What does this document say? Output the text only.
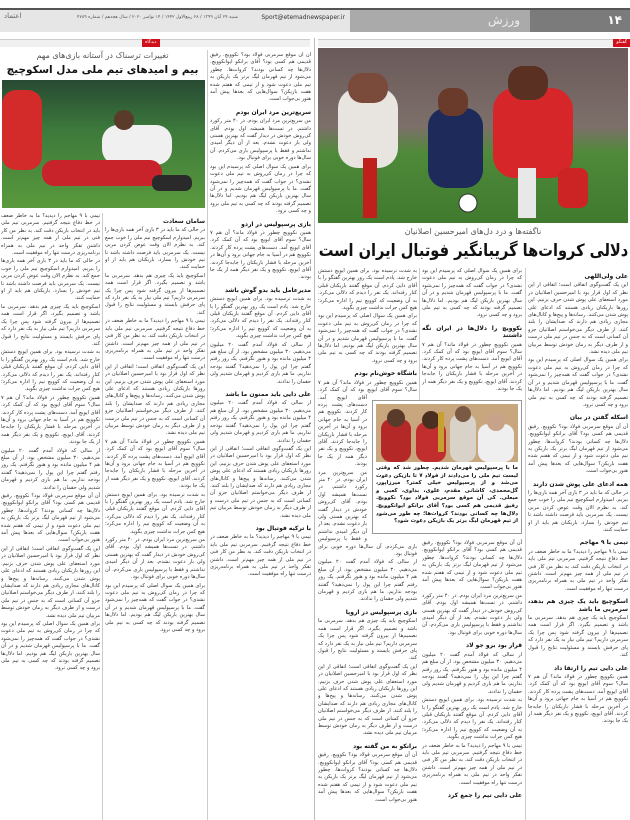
۱۴
ورزش
Sport@etemadnewspaper.ir
شنبه ۲۴ آبان ۱۳۹۹ / ۲۸ ربیع‌الاول ۱۴۴۲ / ۱۴ نوامبر ۲۰۲۰ / سال هجدهم / شماره ۴۷۸۹
اعتماد
گفتگو
دیدگاه
ناگفته‌ها و درد دل‌های امیرحسین اصلانیان
دلالی کروات‌ها گریبانگیر فوتبال ایران است
علی ولی‌اللهی

این یک گفت‌وگوی اتفاقی است؛ اتفاقی از این نظر که اول قرار بود با امیرحسین اصلانیان در مورد استعفای علی پوش شدن حرف بزنیم. این روزها بازیکنان زیادی هستند که ادعای علی پوش شدن می‌کنند. رسانه‌ها و پیج‌ها و کانال‌های مجازی زیادی هم دارند که صدایشان را بلند کنند. از طرف دیگر می‌خواستم اصلانیان جزو آن کسانی است که به جنس در تیم ملی درست و از طرف دیگر به زمان خودش توسط مربیان تیم ملی دیده نشد.

برای همین یک سوال اصلی که پرسیدم این بود که چرا در زمان کی‌روش به تیم ملی دعوت نشدی؟ در جواب گفت که همه‌چیز را نمی‌شود گفت. ما با پرسپولیس قهرمان شدیم و در آن سال بهترین بازیکن لیگ هم بودیم. اما دلال‌ها تصمیم گرفته بودند که چه کسی به تیم ملی برود و چه کسی نرود.

اسکله گفتن در بیان

آن آن موقع سرمربی فولاد بود؟ نکوویچ. رفیق قدیمی هم کسی بود؟ آقای برانکو ایوانکوویچ. دلال‌ها چه کسانی بودند؟ کروات‌ها. چطور می‌شود از تیم قهرمان لیگ برتر یک بازیکن به تیم ملی دعوت شود و از تیمی که هفتم شده هفت بازیکن؟ سوال‌هایی که بعدها پیش آمد هنوز بی‌جواب است.

همه ادعای علی پوش شدن دارند

در حالی که ما باید در ۳ بازی آخر همه بازی‌ها را ببریم. امیدوارم اسکوچیچ تیم ملی را خوب جمع کند. به نظرم الان وقت عوض کردن مربی نیست. یک سرمربی باید فرصت داشته باشد تا تیم خودش را بسازد. بازیکنان هم باید از او حمایت کنند.

تیمی با ۹ مهاجم

تیمی با ۹ مهاجم را دیدید؟ ما به خاطر ضعف در خط دفاع نتیجه گرفتیم. سرمربی تیم ملی باید در انتخاب بازیکن دقت کند. به نظر من کار فنی در تیم ملی از همه چیز مهم‌تر است. داشتن تفکر واحد در تیم ملی به همراه برنامه‌ریزی درست تنها راه موفقیت است.

اسکوچیچ باید یک چیزی هم بدهد، سرمربی ما باشد

اسکوچیچ باید یک چیزی هم بدهد. سرمربی ما باشد و تصمیم بگیرد. اگر قرار است همه تصمیم‌ها از بیرون گرفته شود پس چرا یک سرمربی داریم؟ تیم ملی نیاز به یک نفر دارد که پای حرفش بایستد و مسئولیت نتایج را قبول کند.

علی دایی تیم را ارتقا داد

همین نکوویچ چطور در فولاد ماند؟ آن هم ۷ سال؟ سوم آقای ایویچ بود که آن کمک کرد. آقای ایویچ آمد. دست‌های پشت پرده کار کردند. نکوویچ هم در آسیا به جام جهانی برود و آن‌ها در آخرین مرحله با فشار بازیکنان را جابه‌جا کردند. آقای ایویچ، نکوویچ و یک نفر دیگر همه از یک جا بودند.

برای همین یک سوال اصلی که پرسیدم این بود که چرا در زمان کی‌روش به تیم ملی دعوت نشدی؟ در جواب گفت که همه‌چیز را نمی‌شود گفت. ما با پرسپولیس قهرمان شدیم و در آن سال بهترین بازیکن لیگ هم بودیم. اما دلال‌ها تصمیم گرفته بودند که چه کسی به تیم ملی برود و چه کسی نرود.

نکوویچ را دلال‌ها در ایران نگه داشتند

همین نکوویچ چطور در فولاد ماند؟ آن هم ۷ سال؟ سوم آقای ایویچ بود که آن کمک کرد. آقای ایویچ آمد. دست‌های پشت پرده کار کردند. نکوویچ هم در آسیا به جام جهانی برود و آن‌ها در آخرین مرحله با فشار بازیکنان را جابه‌جا کردند. آقای ایویچ، نکوویچ و یک نفر دیگر همه از یک جا بودند.

آن آن موقع سرمربی فولاد بود؟ نکوویچ. رفیق قدیمی هم کسی بود؟ آقای برانکو ایوانکوویچ. دلال‌ها چه کسانی بودند؟ کروات‌ها. چطور می‌شود از تیم قهرمان لیگ برتر یک بازیکن به تیم ملی دعوت شود و از تیمی که هفتم شده هفت بازیکن؟ سوال‌هایی که بعدها پیش آمد هنوز بی‌جواب است.

من سریع‌ترین مرد ایران بودم. در ۴۰ متر رکورد داشتم. در تست‌ها همیشه اول بودم. آقای کی‌روش خودش در دیدار گفت که بهترین هستی ولی باز دعوت نشدم. بعد از آن دیگر امیدی نداشتم و فقط با پرسپولیس بازی می‌کردم. آن سال‌ها دوره خوبی برای فوتبال بود.

قرار بود برو جو لاد

از سالی که فولاد آمدم گفت ۲۰ میلیون می‌دهیم. ۳۰ میلیون مشخص بود. از آن مبلغ هم ۴ میلیون مانده بود و هنوز نگرفتم. یک روز رفتم گفتم چرا این پول را نمی‌دهید؟ گفتند بودجه نداریم. ما هم بازی کردیم و قهرمان شدیم ولی حقمان را ندادند.

به شدت ترسیده بود. برای همین ایویچ دستش خارج شد. یادم است یک روز بهترین گفتگو را با آقای دایی کردم. آن موقع گفتند بازیکنان قبلی کنار رفته‌اند. یک نفر را دیدم که دلالی می‌کرد. به آن وضعیت که کوویچ تیم را اداره می‌کرد؛ هیچ کس جرات نداشت چیزی بگوید.

تیمی با ۹ مهاجم را دیدید؟ ما به خاطر ضعف در خط دفاع نتیجه گرفتیم. سرمربی تیم ملی باید در انتخاب بازیکن دقت کند. به نظر من کار فنی در تیم ملی از همه چیز مهم‌تر است. داشتن تفکر واحد در تیم ملی به همراه برنامه‌ریزی درست تنها راه موفقیت است.

علی دایی تیم را جمع کرد

به شدت ترسیده بود. برای همین ایویچ دستش خارج شد. یادم است یک روز بهترین گفتگو را با آقای دایی کردم. آن موقع گفتند بازیکنان قبلی کنار رفته‌اند. یک نفر را دیدم که دلالی می‌کرد. به آن وضعیت که کوویچ تیم را اداره می‌کرد؛ هیچ کس جرات نداشت چیزی بگوید.

برای همین یک سوال اصلی که پرسیدم این بود که چرا در زمان کی‌روش به تیم ملی دعوت نشدی؟ در جواب گفت که همه‌چیز را نمی‌شود گفت. ما با پرسپولیس قهرمان شدیم و در آن سال بهترین بازیکن لیگ هم بودیم. اما دلال‌ها تصمیم گرفته بودند که چه کسی به تیم ملی برود و چه کسی نرود.

باشگاه خوش‌نام بودم

همین نکوویچ چطور در فولاد ماند؟ آن هم ۷ سال؟ سوم آقای ایویچ بود که آن کمک کرد. آقای ایویچ آمد. دست‌های پشت پرده کار کردند. نکوویچ هم در آسیا به جام جهانی برود و آن‌ها در آخرین مرحله با فشار بازیکنان را جابه‌جا کردند. آقای ایویچ، نکوویچ و یک نفر دیگر همه از یک جا بودند.

من سریع‌ترین مرد ایران بودم. در ۴۰ متر رکورد داشتم. در تست‌ها همیشه اول بودم. آقای کی‌روش خودش در دیدار گفت که بهترین هستی ولی باز دعوت نشدم. بعد از آن دیگر امیدی نداشتم و فقط با پرسپولیس بازی می‌کردم. آن سال‌ها دوره خوبی برای فوتبال بود.

از سالی که فولاد آمدم گفت ۲۰ میلیون می‌دهیم. ۳۰ میلیون مشخص بود. از آن مبلغ هم ۴ میلیون مانده بود و هنوز نگرفتم. یک روز رفتم گفتم چرا این پول را نمی‌دهید؟ گفتند بودجه نداریم. ما هم بازی کردیم و قهرمان شدیم ولی حقمان را ندادند.

بازی پرسپولیس در اروپا

اسکوچیچ باید یک چیزی هم بدهد. سرمربی ما باشد و تصمیم بگیرد. اگر قرار است همه تصمیم‌ها از بیرون گرفته شود پس چرا یک سرمربی داریم؟ تیم ملی نیاز به یک نفر دارد که پای حرفش بایستد و مسئولیت نتایج را قبول کند.

این یک گفت‌وگوی اتفاقی است؛ اتفاقی از این نظر که اول قرار بود با امیرحسین اصلانیان در مورد استعفای علی پوش شدن حرف بزنیم. این روزها بازیکنان زیادی هستند که ادعای علی پوش شدن می‌کنند. رسانه‌ها و پیج‌ها و کانال‌های مجازی زیادی هم دارند که صدایشان را بلند کنند. از طرف دیگر می‌خواستم اصلانیان جزو آن کسانی است که به جنس در تیم ملی درست و از طرف دیگر به زمان خودش توسط مربیان تیم ملی دیده نشد.

برانکو به من گفته بود

آن آن موقع سرمربی فولاد بود؟ نکوویچ. رفیق قدیمی هم کسی بود؟ آقای برانکو ایوانکوویچ. دلال‌ها چه کسانی بودند؟ کروات‌ها. چطور می‌شود از تیم قهرمان لیگ برتر یک بازیکن به تیم ملی دعوت شود و از تیمی که هفتم شده هفت بازیکن؟ سوال‌هایی که بعدها پیش آمد هنوز بی‌جواب است.

ما با پرسپولیس قهرمان شدیم. چطور شد که وقتی لیست تیم ملی را می‌دادند از فولاد ۷ تا بازیکن دعوت می‌شد و از پرسپولیس خیلی کمتر؟ میرزاپور، گل‌محمدی، کاشانی مقدم، علوی، بداوی، کعبی و میعلی. کی آن موقع سرمربی فولاد بود؟ نکوویچ. رفیق قدیمی هم کسی بود؟ آقای برانکو ایوانکوویچ. دلال‌ها چه کسانی بودند؟ کروات‌ها؛ چه طور می‌شود از تیم قهرمان لیگ برتر یک بازیکن دعوت شود؟
تغییرات ترسناک در آستانه بازی‌های مهم
بیم و امیدهای تیم ملی مدل اسکوچیچ

آن آن موقع سرمربی فولاد بود؟ نکوویچ. رفیق قدیمی هم کسی بود؟ آقای برانکو ایوانکوویچ. دلال‌ها چه کسانی بودند؟ کروات‌ها. چطور می‌شود از تیم قهرمان لیگ برتر یک بازیکن به تیم ملی دعوت شود و از تیمی که هفتم شده هفت بازیکن؟ سوال‌هایی که بعدها پیش آمد هنوز بی‌جواب است.

سریع‌ترین مرد ایران بودم

من سریع‌ترین مرد ایران بودم. در ۴۰ متر رکورد داشتم. در تست‌ها همیشه اول بودم. آقای کی‌روش خودش در دیدار گفت که بهترین هستی ولی باز دعوت نشدم. بعد از آن دیگر امیدی نداشتم و فقط با پرسپولیس بازی می‌کردم. آن سال‌ها دوره خوبی برای فوتبال بود.

برای همین یک سوال اصلی که پرسیدم این بود که چرا در زمان کی‌روش به تیم ملی دعوت نشدی؟ در جواب گفت که همه‌چیز را نمی‌شود گفت. ما با پرسپولیس قهرمان شدیم و در آن سال بهترین بازیکن لیگ هم بودیم. اما دلال‌ها تصمیم گرفته بودند که چه کسی به تیم ملی برود و چه کسی نرود.

بازی پرسپولیس در اردو

همین نکوویچ چطور در فولاد ماند؟ آن هم ۷ سال؟ سوم آقای ایویچ بود که آن کمک کرد. آقای ایویچ آمد. دست‌های پشت پرده کار کردند. نکوویچ هم در آسیا به جام جهانی برود و آن‌ها در آخرین مرحله با فشار بازیکنان را جابه‌جا کردند. آقای ایویچ، نکوویچ و یک نفر دیگر همه از یک جا بودند.

مدیرعامل باید بدو گوش باشد

به شدت ترسیده بود. برای همین ایویچ دستش خارج شد. یادم است یک روز بهترین گفتگو را با آقای دایی کردم. آن موقع گفتند بازیکنان قبلی کنار رفته‌اند. یک نفر را دیدم که دلالی می‌کرد. به آن وضعیت که کوویچ تیم را اداره می‌کرد؛ هیچ کس جرات نداشت چیزی بگوید.

از سالی که فولاد آمدم گفت ۲۰ میلیون می‌دهیم. ۳۰ میلیون مشخص بود. از آن مبلغ هم ۴ میلیون مانده بود و هنوز نگرفتم. یک روز رفتم گفتم چرا این پول را نمی‌دهید؟ گفتند بودجه نداریم. ما هم بازی کردیم و قهرمان شدیم ولی حقمان را ندادند.

علی دایی باید ممنون ما باشد

از سالی که فولاد آمدم گفت ۲۰ میلیون می‌دهیم. ۳۰ میلیون مشخص بود. از آن مبلغ هم ۴ میلیون مانده بود و هنوز نگرفتم. یک روز رفتم گفتم چرا این پول را نمی‌دهید؟ گفتند بودجه نداریم. ما هم بازی کردیم و قهرمان شدیم ولی حقمان را ندادند.

این یک گفت‌وگوی اتفاقی است؛ اتفاقی از این نظر که اول قرار بود با امیرحسین اصلانیان در مورد استعفای علی پوش شدن حرف بزنیم. این روزها بازیکنان زیادی هستند که ادعای علی پوش شدن می‌کنند. رسانه‌ها و پیج‌ها و کانال‌های مجازی زیادی هم دارند که صدایشان را بلند کنند. از طرف دیگر می‌خواستم اصلانیان جزو آن کسانی است که به جنس در تیم ملی درست و از طرف دیگر به زمان خودش توسط مربیان تیم ملی دیده نشد.

با ترکیه فوتبال بود

تیمی با ۹ مهاجم را دیدید؟ ما به خاطر ضعف در خط دفاع نتیجه گرفتیم. سرمربی تیم ملی باید در انتخاب بازیکن دقت کند. به نظر من کار فنی در تیم ملی از همه چیز مهم‌تر است. داشتن تفکر واحد در تیم ملی به همراه برنامه‌ریزی درست تنها راه موفقیت است.

سامان سعادت

در حالی که ما باید در ۳ بازی آخر همه بازی‌ها را ببریم. امیدوارم اسکوچیچ تیم ملی را خوب جمع کند. به نظرم الان وقت عوض کردن مربی نیست. یک سرمربی باید فرصت داشته باشد تا تیم خودش را بسازد. بازیکنان هم باید از او حمایت کنند.

اسکوچیچ باید یک چیزی هم بدهد. سرمربی ما باشد و تصمیم بگیرد. اگر قرار است همه تصمیم‌ها از بیرون گرفته شود پس چرا یک سرمربی داریم؟ تیم ملی نیاز به یک نفر دارد که پای حرفش بایستد و مسئولیت نتایج را قبول کند.

تیمی با ۹ مهاجم را دیدید؟ ما به خاطر ضعف در خط دفاع نتیجه گرفتیم. سرمربی تیم ملی باید در انتخاب بازیکن دقت کند. به نظر من کار فنی در تیم ملی از همه چیز مهم‌تر است. داشتن تفکر واحد در تیم ملی به همراه برنامه‌ریزی درست تنها راه موفقیت است.

این یک گفت‌وگوی اتفاقی است؛ اتفاقی از این نظر که اول قرار بود با امیرحسین اصلانیان در مورد استعفای علی پوش شدن حرف بزنیم. این روزها بازیکنان زیادی هستند که ادعای علی پوش شدن می‌کنند. رسانه‌ها و پیج‌ها و کانال‌های مجازی زیادی هم دارند که صدایشان را بلند کنند. از طرف دیگر می‌خواستم اصلانیان جزو آن کسانی است که به جنس در تیم ملی درست و از طرف دیگر به زمان خودش توسط مربیان تیم ملی دیده نشد.

همین نکوویچ چطور در فولاد ماند؟ آن هم ۷ سال؟ سوم آقای ایویچ بود که آن کمک کرد. آقای ایویچ آمد. دست‌های پشت پرده کار کردند. نکوویچ هم در آسیا به جام جهانی برود و آن‌ها در آخرین مرحله با فشار بازیکنان را جابه‌جا کردند. آقای ایویچ، نکوویچ و یک نفر دیگر همه از یک جا بودند.

به شدت ترسیده بود. برای همین ایویچ دستش خارج شد. یادم است یک روز بهترین گفتگو را با آقای دایی کردم. آن موقع گفتند بازیکنان قبلی کنار رفته‌اند. یک نفر را دیدم که دلالی می‌کرد. به آن وضعیت که کوویچ تیم را اداره می‌کرد؛ هیچ کس جرات نداشت چیزی بگوید.

من سریع‌ترین مرد ایران بودم. در ۴۰ متر رکورد داشتم. در تست‌ها همیشه اول بودم. آقای کی‌روش خودش در دیدار گفت که بهترین هستی ولی باز دعوت نشدم. بعد از آن دیگر امیدی نداشتم و فقط با پرسپولیس بازی می‌کردم. آن سال‌ها دوره خوبی برای فوتبال بود.

برای همین یک سوال اصلی که پرسیدم این بود که چرا در زمان کی‌روش به تیم ملی دعوت نشدی؟ در جواب گفت که همه‌چیز را نمی‌شود گفت. ما با پرسپولیس قهرمان شدیم و در آن سال بهترین بازیکن لیگ هم بودیم. اما دلال‌ها تصمیم گرفته بودند که چه کسی به تیم ملی برود و چه کسی نرود.

تیمی با ۹ مهاجم را دیدید؟ ما به خاطر ضعف در خط دفاع نتیجه گرفتیم. سرمربی تیم ملی باید در انتخاب بازیکن دقت کند. به نظر من کار فنی در تیم ملی از همه چیز مهم‌تر است. داشتن تفکر واحد در تیم ملی به همراه برنامه‌ریزی درست تنها راه موفقیت است.

در حالی که ما باید در ۳ بازی آخر همه بازی‌ها را ببریم. امیدوارم اسکوچیچ تیم ملی را خوب جمع کند. به نظرم الان وقت عوض کردن مربی نیست. یک سرمربی باید فرصت داشته باشد تا تیم خودش را بسازد. بازیکنان هم باید از او حمایت کنند.

اسکوچیچ باید یک چیزی هم بدهد. سرمربی ما باشد و تصمیم بگیرد. اگر قرار است همه تصمیم‌ها از بیرون گرفته شود پس چرا یک سرمربی داریم؟ تیم ملی نیاز به یک نفر دارد که پای حرفش بایستد و مسئولیت نتایج را قبول کند.

به شدت ترسیده بود. برای همین ایویچ دستش خارج شد. یادم است یک روز بهترین گفتگو را با آقای دایی کردم. آن موقع گفتند بازیکنان قبلی کنار رفته‌اند. یک نفر را دیدم که دلالی می‌کرد. به آن وضعیت که کوویچ تیم را اداره می‌کرد؛ هیچ کس جرات نداشت چیزی بگوید.

همین نکوویچ چطور در فولاد ماند؟ آن هم ۷ سال؟ سوم آقای ایویچ بود که آن کمک کرد. آقای ایویچ آمد. دست‌های پشت پرده کار کردند. نکوویچ هم در آسیا به جام جهانی برود و آن‌ها در آخرین مرحله با فشار بازیکنان را جابه‌جا کردند. آقای ایویچ، نکوویچ و یک نفر دیگر همه از یک جا بودند.

از سالی که فولاد آمدم گفت ۲۰ میلیون می‌دهیم. ۳۰ میلیون مشخص بود. از آن مبلغ هم ۴ میلیون مانده بود و هنوز نگرفتم. یک روز رفتم گفتم چرا این پول را نمی‌دهید؟ گفتند بودجه نداریم. ما هم بازی کردیم و قهرمان شدیم ولی حقمان را ندادند.

آن آن موقع سرمربی فولاد بود؟ نکوویچ. رفیق قدیمی هم کسی بود؟ آقای برانکو ایوانکوویچ. دلال‌ها چه کسانی بودند؟ کروات‌ها. چطور می‌شود از تیم قهرمان لیگ برتر یک بازیکن به تیم ملی دعوت شود و از تیمی که هفتم شده هفت بازیکن؟ سوال‌هایی که بعدها پیش آمد هنوز بی‌جواب است.

این یک گفت‌وگوی اتفاقی است؛ اتفاقی از این نظر که اول قرار بود با امیرحسین اصلانیان در مورد استعفای علی پوش شدن حرف بزنیم. این روزها بازیکنان زیادی هستند که ادعای علی پوش شدن می‌کنند. رسانه‌ها و پیج‌ها و کانال‌های مجازی زیادی هم دارند که صدایشان را بلند کنند. از طرف دیگر می‌خواستم اصلانیان جزو آن کسانی است که به جنس در تیم ملی درست و از طرف دیگر به زمان خودش توسط مربیان تیم ملی دیده نشد.

برای همین یک سوال اصلی که پرسیدم این بود که چرا در زمان کی‌روش به تیم ملی دعوت نشدی؟ در جواب گفت که همه‌چیز را نمی‌شود گفت. ما با پرسپولیس قهرمان شدیم و در آن سال بهترین بازیکن لیگ هم بودیم. اما دلال‌ها تصمیم گرفته بودند که چه کسی به تیم ملی برود و چه کسی نرود.
